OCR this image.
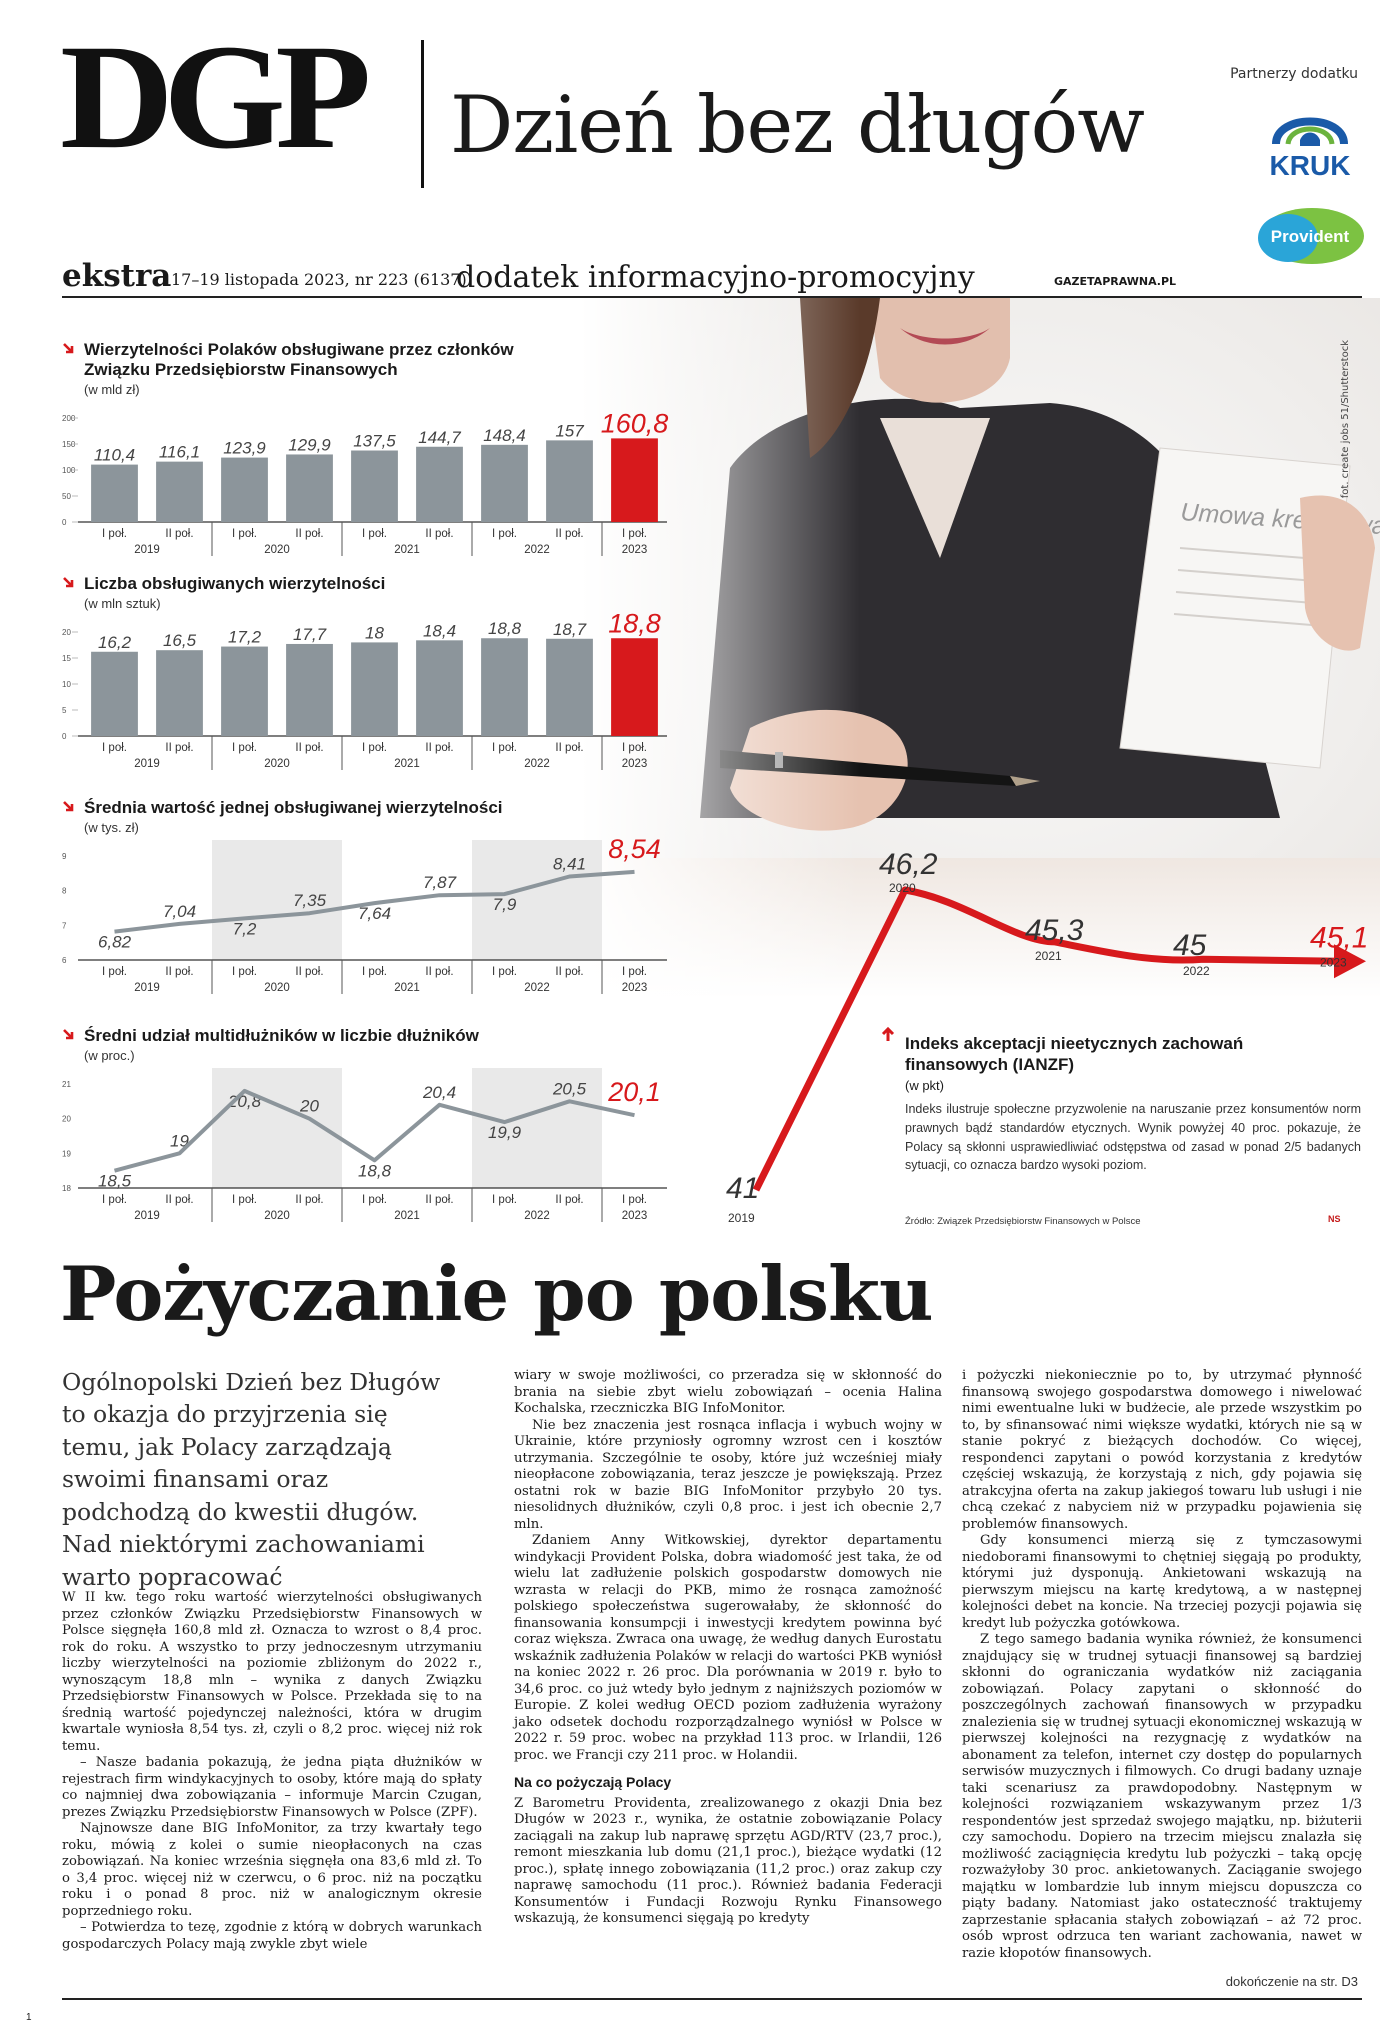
DGP Dzień bez długów
Partnerzy dodatku
KRUK
Provident
ekstra 17–19 listopada 2023, nr 223 (6137)
dodatek informacyjno-promocyjny	GAZETAPRAWNA.PL
fot. create jobs 51/Shutterstock
Wierzytelności Polaków obsługiwane przez członków Związku Przedsiębiorstw Finansowych
(w mld zł)
0
50
100
150
200
110,4
I poł.
116,1
II poł.
123,9
I poł.
129,9
II poł.
137,5
I poł.
144,7
II poł.
148,4
I poł.
157
II poł.
160,8
I poł.
2019	2020	2021	2022	2023
Liczba obsługiwanych wierzytelności
(w mln sztuk)
0
5
10
15
20
16,2
I poł.
16,5
II poł.
17,2
I poł.
17,7
II poł.
18
I poł.
18,4
II poł.
18,8
I poł.
18,7
II poł.
18,8
I poł.
2019	2020	2021	2022	2023
Średnia wartość jednej obsługiwanej wierzytelności
(w tys. zł)
6
7
8
9
6,82
I poł.
7,04
II poł.
7,2
I poł.
7,35
II poł.
7,64
I poł.
7,87
II poł.
7,9
I poł.
8,41
II poł.
8,54
I poł.
2019	2020	2021	2022	2023
Średni udział multidłużników w liczbie dłużników
(w proc.)
18
19
20
21
18,5
I poł.
19
II poł.
20,8
I poł.
20
II poł.
18,8
I poł.
20,4
II poł.
19,9
I poł.
20,5
II poł.
20,1
I poł.
2019	2020	2021	2022	2023
41
2019
46,2
2020
45,3
2021	45
2022
45,1
2023
Indeks akceptacji nieetycznych zachowań finansowych (IANZF)
(w pkt)
Indeks ilustruje społeczne przyzwolenie na naruszanie przez konsumentów norm prawnych bądź standardów etycznych. Wynik powyżej 40 proc. pokazuje, że Polacy są skłonni usprawiedliwiać odstępstwa od zasad w ponad 2/5 badanych sytuacji, co oznacza bardzo wysoki poziom.
Źródło: Związek Przedsiębiorstw Finansowych w Polsce	NS
Pożyczanie po polsku
Ogólnopolski Dzień bez Długów to okazja do przyjrzenia się temu, jak Polacy zarządzają swoimi finansami oraz podchodzą do kwestii długów. Nad niektórymi zachowaniami warto popracować

W II kw. tego roku wartość wierzytelności obsługiwanych przez członków Związku Przedsiębiorstw Finansowych w Polsce sięgnęła 160,8 mld zł. Oznacza to wzrost o 8,4 proc. rok do roku. A wszystko to przy jednoczesnym utrzymaniu liczby wierzytelności na poziomie zbliżonym do 2022 r., wynoszącym 18,8 mln – wynika z danych Związku Przedsiębiorstw Finansowych w Polsce. Przekłada się to na średnią wartość pojedynczej należności, która w drugim kwartale wyniosła 8,54 tys. zł, czyli o 8,2 proc. więcej niż rok temu.

– Nasze badania pokazują, że jedna piąta dłużników w rejestrach firm windykacyjnych to osoby, które mają do spłaty co najmniej dwa zobowiązania – informuje Marcin Czugan, prezes Związku Przedsiębiorstw Finansowych w Polsce (ZPF).

Najnowsze dane BIG InfoMonitor, za trzy kwartały tego roku, mówią z kolei o sumie nieopłaconych na czas zobowiązań. Na koniec września sięgnęła ona 83,6 mld zł. To o 3,4 proc. więcej niż w czerwcu, o 6 proc. niż na początku roku i o ponad 8 proc. niż w analogicznym okresie poprzedniego roku.

– Potwierdza to tezę, zgodnie z którą w dobrych warunkach gospodarczych Polacy mają zwykle zbyt wiele

wiary w swoje możliwości, co przeradza się w skłonność do brania na siebie zbyt wielu zobowiązań – ocenia Halina Kochalska, rzeczniczka BIG InfoMonitor.

Nie bez znaczenia jest rosnąca inflacja i wybuch wojny w Ukrainie, które przyniosły ogromny wzrost cen i kosztów utrzymania. Szczególnie te osoby, które już wcześniej miały nieopłacone zobowiązania, teraz jeszcze je powiększają. Przez ostatni rok w bazie BIG InfoMonitor przybyło 20 tys. niesolidnych dłużników, czyli 0,8 proc. i jest ich obecnie 2,7 mln.

Zdaniem Anny Witkowskiej, dyrektor departamentu windykacji Provident Polska, dobra wiadomość jest taka, że od wielu lat zadłużenie polskich gospodarstw domowych nie wzrasta w relacji do PKB, mimo że rosnąca zamożność polskiego społeczeństwa sugerowałaby, że skłonność do finansowania konsumpcji i inwestycji kredytem powinna być coraz większa. Zwraca ona uwagę, że według danych Eurostatu wskaźnik zadłużenia Polaków w relacji do wartości PKB wyniósł na koniec 2022 r. 26 proc. Dla porównania w 2019 r. było to 34,6 proc. co już wtedy było jednym z najniższych poziomów w Europie. Z kolei według OECD poziom zadłużenia wyrażony jako odsetek dochodu rozporządzalnego wyniósł w Polsce w 2022 r. 59 proc. wobec na przykład 113 proc. w Irlandii, 126 proc. we Francji czy 211 proc. w Holandii.

Na co pożyczają Polacy

Z Barometru Providenta, zrealizowanego z okazji Dnia bez Długów w 2023 r., wynika, że ostatnie zobowiązanie Polacy zaciągali na zakup lub naprawę sprzętu AGD/RTV (23,7 proc.), remont mieszkania lub domu (21,1 proc.), bieżące wydatki (12 proc.), spłatę innego zobowiązania (11,2 proc.) oraz zakup czy naprawę samochodu (11 proc.). Również badania Federacji Konsumentów i Fundacji Rozwoju Rynku Finansowego wskazują, że konsumenci sięgają po kredyty

i pożyczki niekoniecznie po to, by utrzymać płynność finansową swojego gospodarstwa domowego i niwelować nimi ewentualne luki w budżecie, ale przede wszystkim po to, by sfinansować nimi większe wydatki, których nie są w stanie pokryć z bieżących dochodów. Co więcej, respondenci zapytani o powód korzystania z kredytów częściej wskazują, że korzystają z nich, gdy pojawia się atrakcyjna oferta na zakup jakiegoś towaru lub usługi i nie chcą czekać z nabyciem niż w przypadku pojawienia się problemów finansowych.

Gdy konsumenci mierzą się z tymczasowymi niedoborami finansowymi to chętniej sięgają po produkty, którymi już dysponują. Ankietowani wskazują na pierwszym miejscu na kartę kredytową, a w następnej kolejności debet na koncie. Na trzeciej pozycji pojawia się kredyt lub pożyczka gotówkowa.

Z tego samego badania wynika również, że konsumenci znajdujący się w trudnej sytuacji finansowej są bardziej skłonni do ograniczania wydatków niż zaciągania zobowiązań. Polacy zapytani o skłonność do poszczególnych zachowań finansowych w przypadku znalezienia się w trudnej sytuacji ekonomicznej wskazują w pierwszej kolejności na rezygnację z wydatków na abonament za telefon, internet czy dostęp do popularnych serwisów muzycznych i filmowych. Co drugi badany uznaje taki scenariusz za prawdopodobny. Następnym w kolejności rozwiązaniem wskazywanym przez 1/3 respondentów jest sprzedaż swojego majątku, np. biżuterii czy samochodu. Dopiero na trzecim miejscu znalazła się możliwość zaciągnięcia kredytu lub pożyczki – taką opcję rozważyłoby 30 proc. ankietowanych. Zaciąganie swojego majątku w lombardzie lub innym miejscu dopuszcza co piąty badany. Natomiast jako ostateczność traktujemy zaprzestanie spłacania stałych zobowiązań – aż 72 proc. osób wprost odrzuca ten wariant zachowania, nawet w razie kłopotów finansowych.

dokończenie na str. D3
1
